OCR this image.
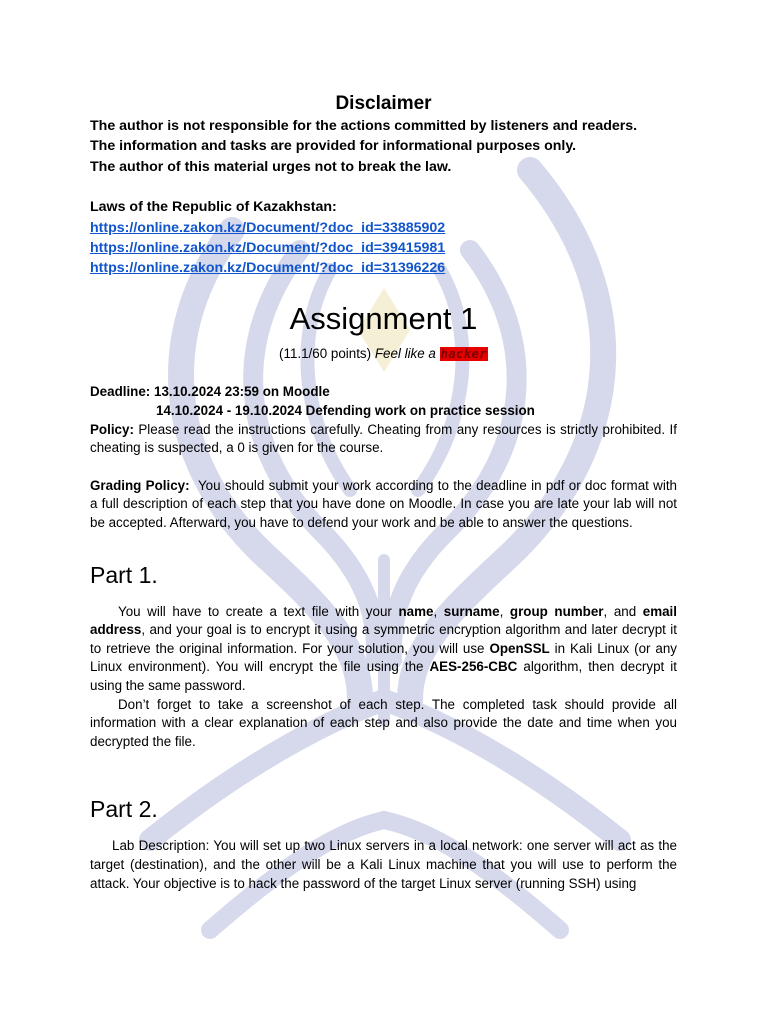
Disclaimer
The author is not responsible for the actions committed by listeners and readers.
The information and tasks are provided for informational purposes only.
The author of this material urges not to break the law.
Laws of the Republic of Kazakhstan:
https://online.zakon.kz/Document/?doc_id=33885902
https://online.zakon.kz/Document/?doc_id=39415981
https://online.zakon.kz/Document/?doc_id=31396226
Assignment 1
(11.1/60 points) Feel like a hacker
Deadline: 13.10.2024 23:59 on Moodle
14.10.2024 - 19.10.2024 Defending work on practice session
Policy: Please read the instructions carefully. Cheating from any resources is strictly prohibited. If cheating is suspected, a 0 is given for the course.
Grading Policy: You should submit your work according to the deadline in pdf or doc format with a full description of each step that you have done on Moodle. In case you are late your lab will not be accepted. Afterward, you have to defend your work and be able to answer the questions.
Part 1.
You will have to create a text file with your name, surname, group number, and email address, and your goal is to encrypt it using a symmetric encryption algorithm and later decrypt it to retrieve the original information. For your solution, you will use OpenSSL in Kali Linux (or any Linux environment). You will encrypt the file using the AES-256-CBC algorithm, then decrypt it using the same password.
Don’t forget to take a screenshot of each step. The completed task should provide all information with a clear explanation of each step and also provide the date and time when you decrypted the file.
Part 2.
Lab Description: You will set up two Linux servers in a local network: one server will act as the target (destination), and the other will be a Kali Linux machine that you will use to perform the attack. Your objective is to hack the password of the target Linux server (running SSH) using
